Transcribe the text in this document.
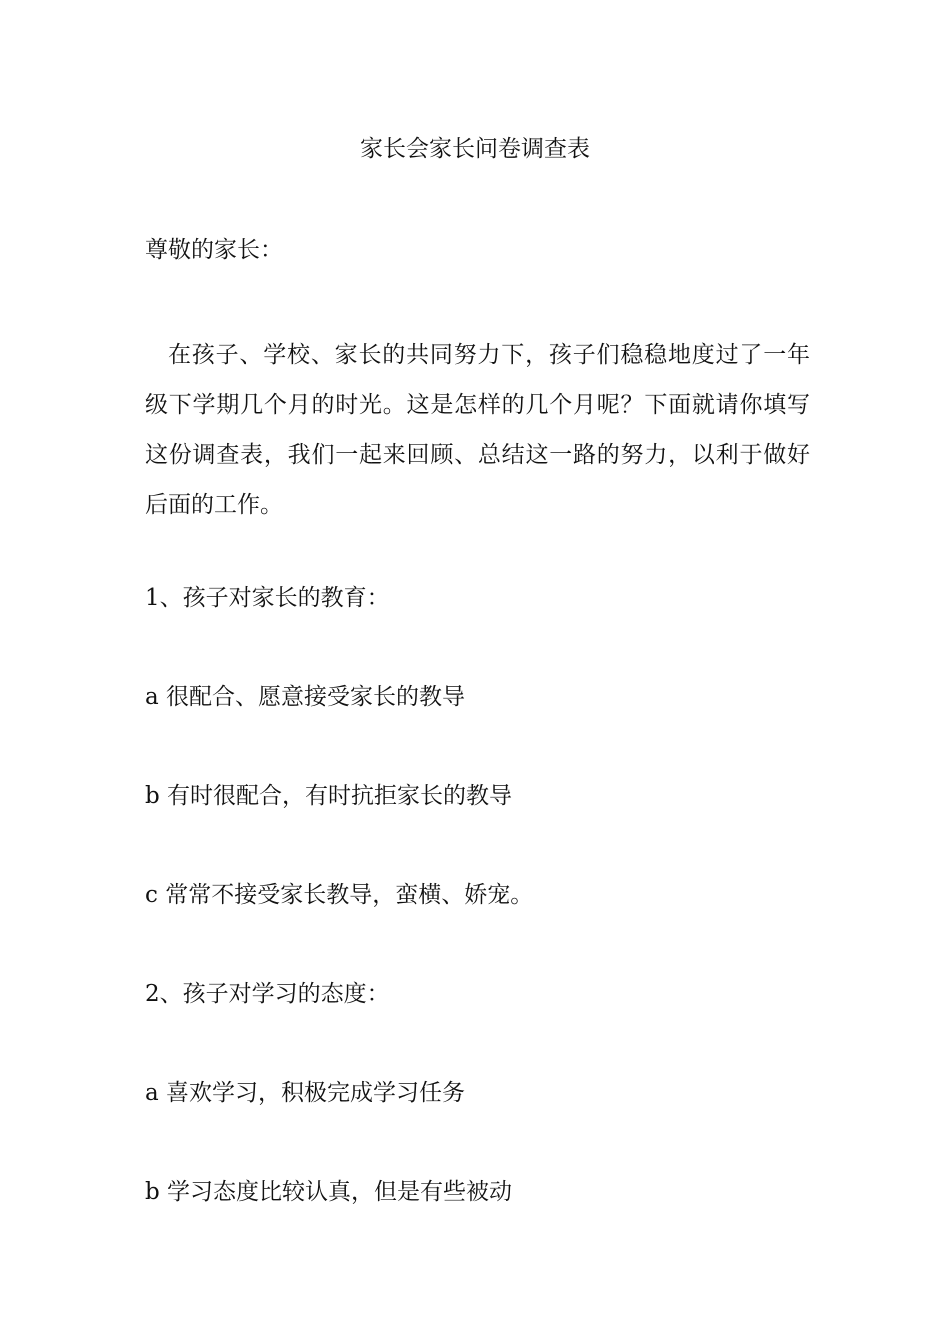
家长会家长问卷调查表
尊敬的家长：

在孩子、学校、家长的共同努力下，孩子们稳稳地度过了一年级下学期几个月的时光。这是怎样的几个月呢？下面就请你填写这份调查表，我们一起来回顾、总结这一路的努力，以利于做好后面的工作。

1、孩子对家长的教育：
a 很配合、愿意接受家长的教导
b 有时很配合，有时抗拒家长的教导
c 常常不接受家长教导，蛮横、娇宠。
2、孩子对学习的态度：
a 喜欢学习，积极完成学习任务
b 学习态度比较认真，但是有些被动
